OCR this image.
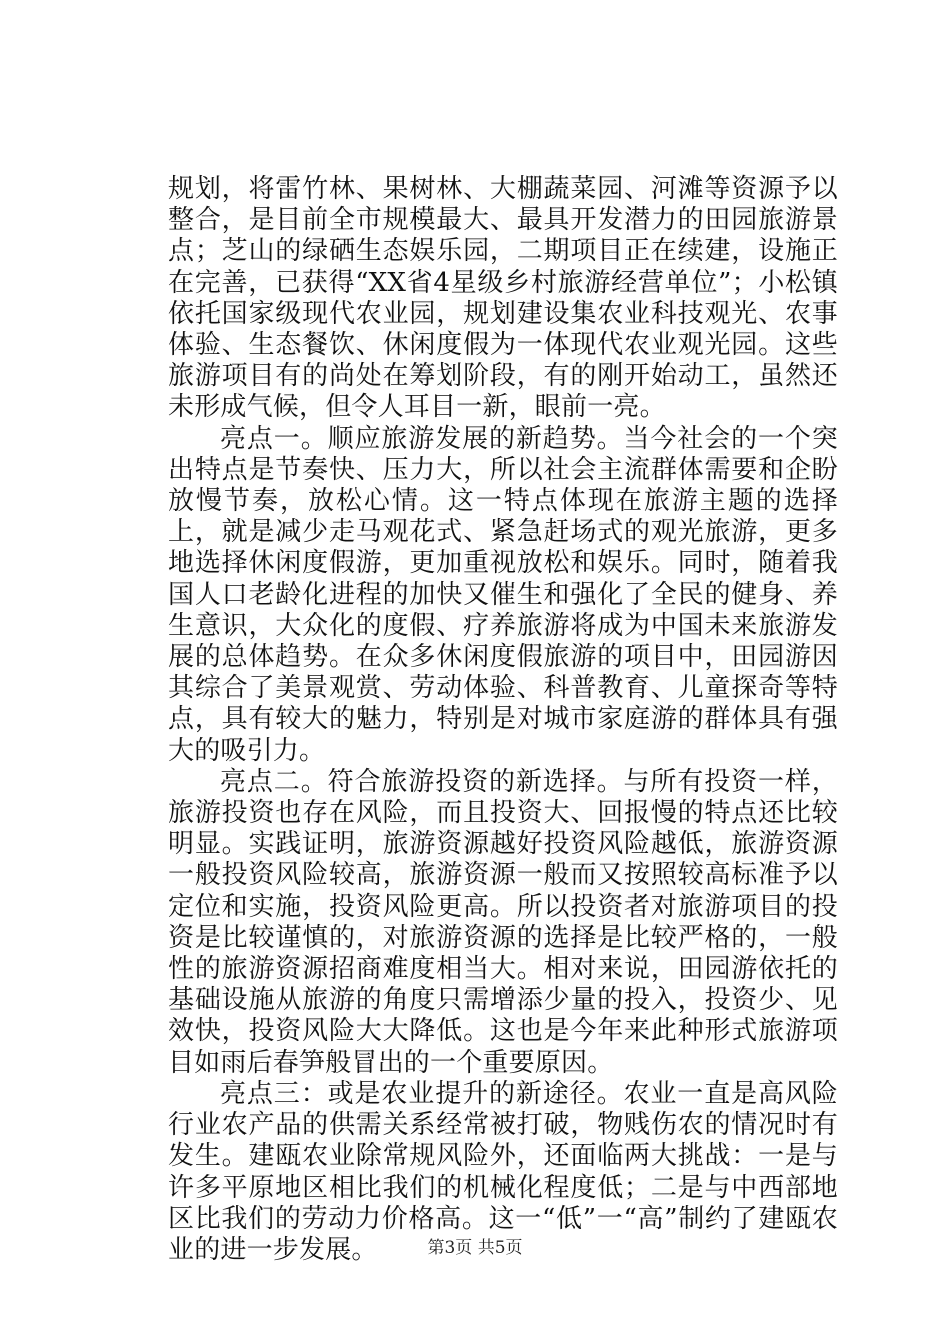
规划，将雷竹林、果树林、大棚蔬菜园、河滩等资源予以整合，是目前全市规模最大、最具开发潜力的田园旅游景点；芝山的绿硒生态娱乐园，二期项目正在续建，设施正在完善，已获得“XX省4星级乡村旅游经营单位”；小松镇依托国家级现代农业园，规划建设集农业科技观光、农事体验、生态餐饮、休闲度假为一体现代农业观光园。这些旅游项目有的尚处在筹划阶段，有的刚开始动工，虽然还未形成气候，但令人耳目一新，眼前一亮。

亮点一。顺应旅游发展的新趋势。当今社会的一个突出特点是节奏快、压力大，所以社会主流群体需要和企盼放慢节奏，放松心情。这一特点体现在旅游主题的选择上，就是减少走马观花式、紧急赶场式的观光旅游，更多地选择休闲度假游，更加重视放松和娱乐。同时，随着我国人口老龄化进程的加快又催生和强化了全民的健身、养生意识，大众化的度假、疗养旅游将成为中国未来旅游发展的总体趋势。在众多休闲度假旅游的项目中，田园游因其综合了美景观赏、劳动体验、科普教育、儿童探奇等特点，具有较大的魅力，特别是对城市家庭游的群体具有强大的吸引力。

亮点二。符合旅游投资的新选择。与所有投资一样，旅游投资也存在风险，而且投资大、回报慢的特点还比较明显。实践证明，旅游资源越好投资风险越低，旅游资源一般投资风险较高，旅游资源一般而又按照较高标准予以定位和实施，投资风险更高。所以投资者对旅游项目的投资是比较谨慎的，对旅游资源的选择是比较严格的，一般性的旅游资源招商难度相当大。相对来说，田园游依托的基础设施从旅游的角度只需增添少量的投入，投资少、见效快，投资风险大大降低。这也是今年来此种形式旅游项目如雨后春笋般冒出的一个重要原因。

亮点三：或是农业提升的新途径。农业一直是高风险行业农产品的供需关系经常被打破，物贱伤农的情况时有发生。建瓯农业除常规风险外，还面临两大挑战：一是与许多平原地区相比我们的机械化程度低；二是与中西部地区比我们的劳动力价格高。这一“低”一“高”制约了建瓯农业的进一步发展。	第3页 共5页
